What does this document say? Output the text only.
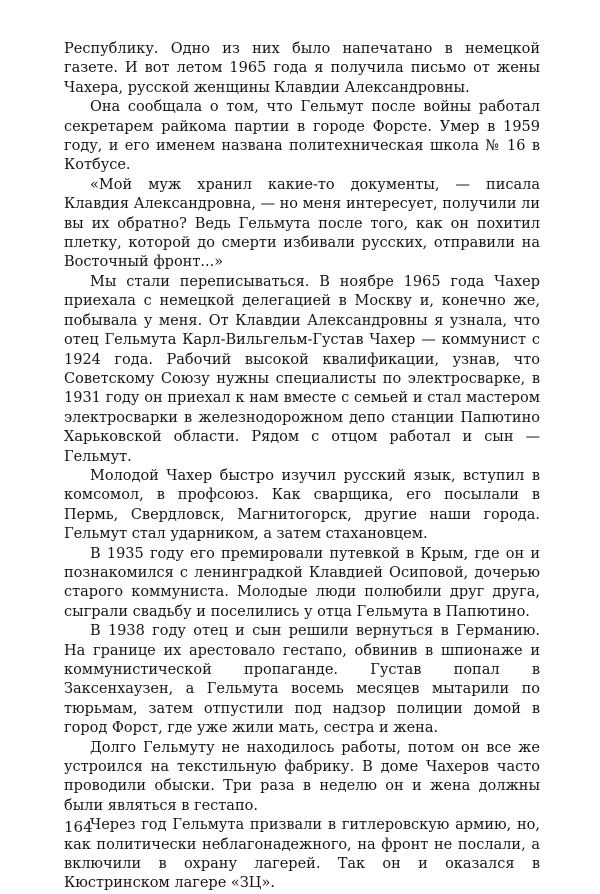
Республику. Одно из них было напечатано в немецкой газете. И вот летом 1965 года я получила письмо от жены Чахера, русской женщины Клавдии Александровны.

Она сообщала о том, что Гельмут после войны работал секретарем райкома партии в городе Форсте. Умер в 1959 году, и его именем названа политехническая школа № 16 в Котбусе.

«Мой муж хранил какие-то документы, — писала Клавдия Александровна, — но меня интересует, получили ли вы их обратно? Ведь Гельмута после того, как он похитил плетку, которой до смерти избивали русских, отправили на Восточный фронт...»

Мы стали переписываться. В ноябре 1965 года Чахер приехала с немецкой делегацией в Москву и, конечно же, побывала у меня. От Клавдии Александровны я узнала, что отец Гельмута Карл-Вильгельм-Густав Чахер — коммунист с 1924 года. Рабочий высокой квалификации, узнав, что Советскому Союзу нужны специалисты по электросварке, в 1931 году он приехал к нам вместе с семьей и стал мастером электросварки в железнодорожном депо станции Папютино Харьковской области. Рядом с отцом работал и сын — Гельмут.

Молодой Чахер быстро изучил русский язык, вступил в комсомол, в профсоюз. Как сварщика, его посылали в Пермь, Свердловск, Магнитогорск, другие наши города. Гельмут стал ударником, а затем стахановцем.

В 1935 году его премировали путевкой в Крым, где он и познакомился с ленинградкой Клавдией Осиповой, дочерью старого коммуниста. Молодые люди полюбили друг друга, сыграли свадьбу и поселились у отца Гельмута в Папютино.

В 1938 году отец и сын решили вернуться в Германию. На границе их арестовало гестапо, обвинив в шпионаже и коммунистической пропаганде. Густав попал в Заксенхаузен, а Гельмута восемь месяцев мытарили по тюрьмам, затем отпустили под надзор полиции домой в город Форст, где уже жили мать, сестра и жена.

Долго Гельмуту не находилось работы, потом он все же устроился на текстильную фабрику. В доме Чахеров часто проводили обыски. Три раза в неделю он и жена должны были являться в гестапо.

Через год Гельмута призвали в гитлеровскую армию, но, как политически неблагонадежного, на фронт не послали, а включили в охрану лагерей. Так он и оказался в Кюстринском лагере «ЗЦ».

164
